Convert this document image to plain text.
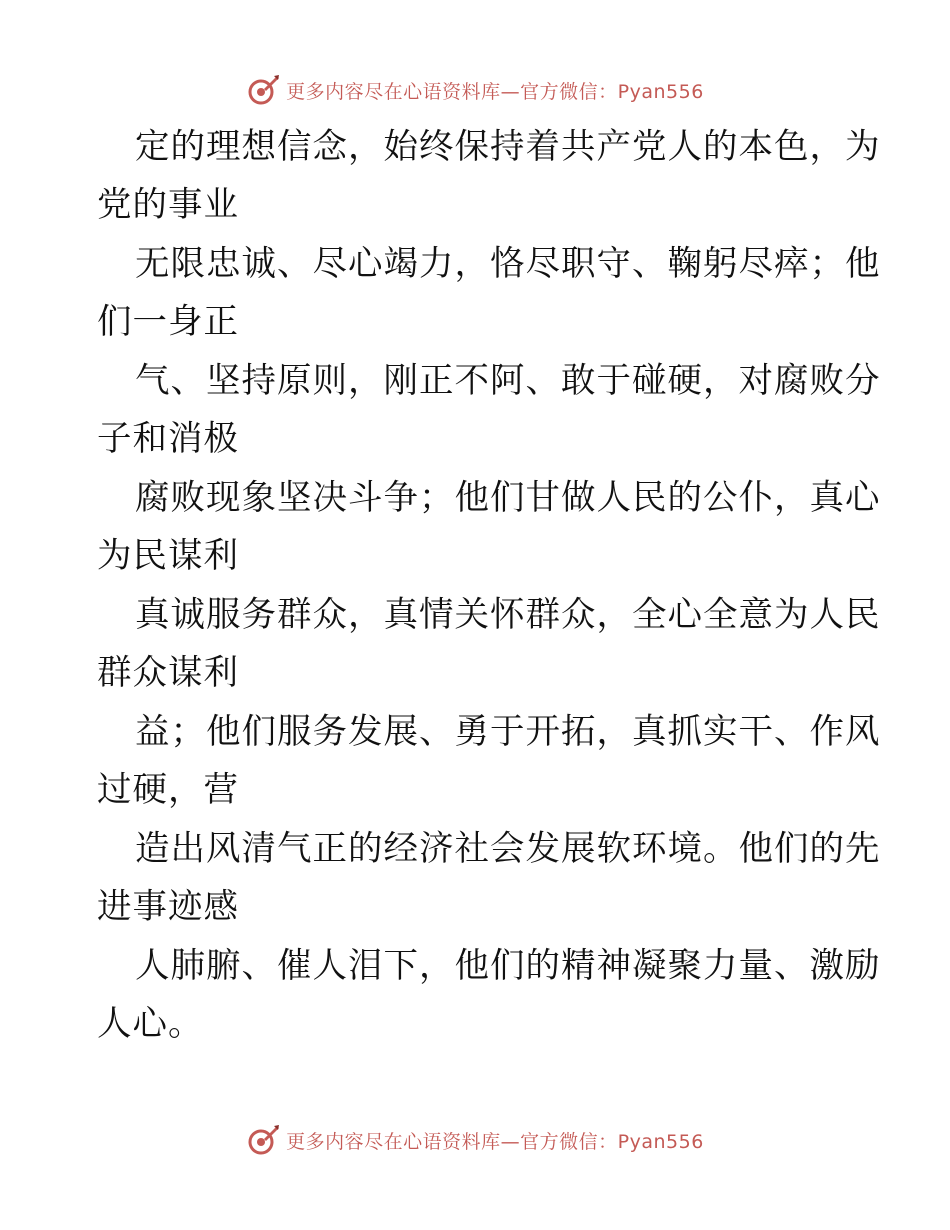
更多内容尽在心语资料库—官方微信：Pyan556
定的理想信念，始终保持着共产党人的本色，为
党的事业
无限忠诚、尽心竭力，恪尽职守、鞠躬尽瘁；他
们一身正
气、坚持原则，刚正不阿、敢于碰硬，对腐败分
子和消极
腐败现象坚决斗争；他们甘做人民的公仆，真心
为民谋利
真诚服务群众，真情关怀群众，全心全意为人民
群众谋利
益；他们服务发展、勇于开拓，真抓实干、作风
过硬，营
造出风清气正的经济社会发展软环境。他们的先
进事迹感
人肺腑、催人泪下，他们的精神凝聚力量、激励
人心。
更多内容尽在心语资料库—官方微信：Pyan556
